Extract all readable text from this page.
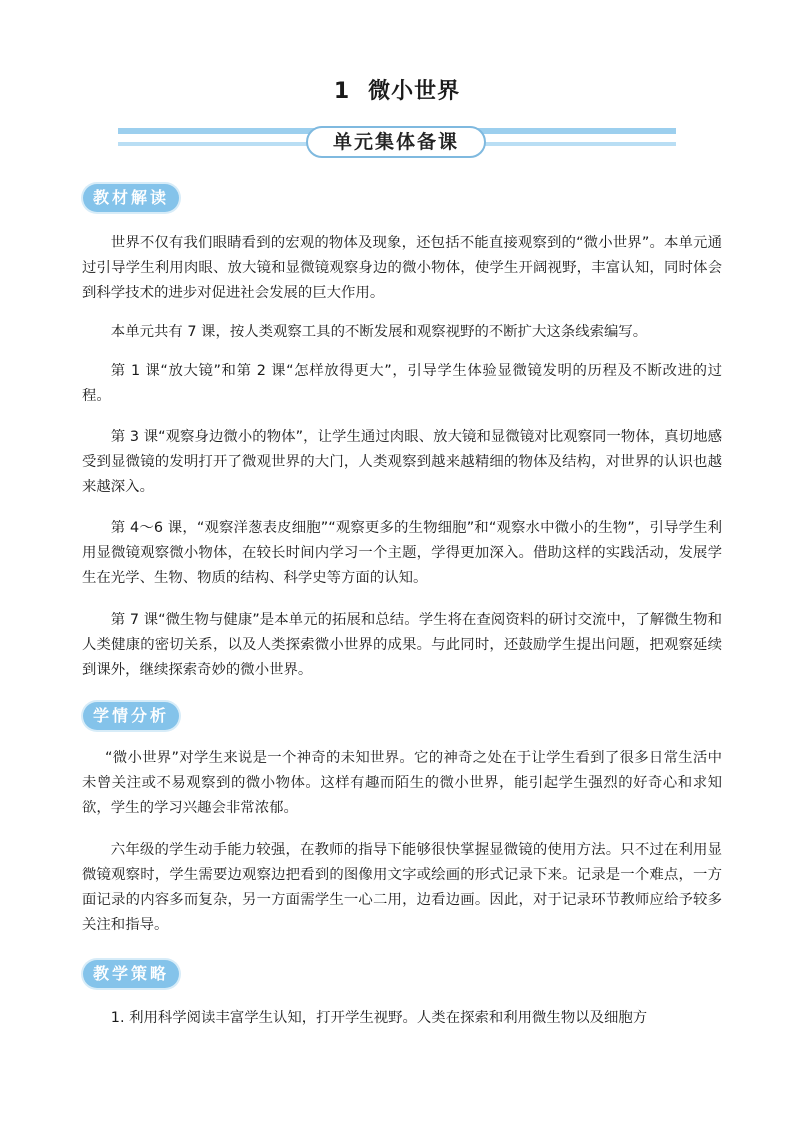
1 微小世界
单元集体备课
教材解读
世界不仅有我们眼睛看到的宏观的物体及现象，还包括不能直接观察到的“微小世界”。本单元通过引导学生利用肉眼、放大镜和显微镜观察身边的微小物体，使学生开阔视野，丰富认知，同时体会到科学技术的进步对促进社会发展的巨大作用。
本单元共有 7 课，按人类观察工具的不断发展和观察视野的不断扩大这条线索编写。
第 1 课“放大镜”和第 2 课“怎样放得更大”，引导学生体验显微镜发明的历程及不断改进的过程。
第 3 课“观察身边微小的物体”，让学生通过肉眼、放大镜和显微镜对比观察同一物体，真切地感受到显微镜的发明打开了微观世界的大门，人类观察到越来越精细的物体及结构，对世界的认识也越来越深入。
第 4～6 课，“观察洋葱表皮细胞”“观察更多的生物细胞”和“观察水中微小的生物”，引导学生利用显微镜观察微小物体，在较长时间内学习一个主题，学得更加深入。借助这样的实践活动，发展学生在光学、生物、物质的结构、科学史等方面的认知。
第 7 课“微生物与健康”是本单元的拓展和总结。学生将在查阅资料的研讨交流中，了解微生物和人类健康的密切关系，以及人类探索微小世界的成果。与此同时，还鼓励学生提出问题，把观察延续到课外，继续探索奇妙的微小世界。
学情分析
“微小世界”对学生来说是一个神奇的未知世界。它的神奇之处在于让学生看到了很多日常生活中未曾关注或不易观察到的微小物体。这样有趣而陌生的微小世界，能引起学生强烈的好奇心和求知欲，学生的学习兴趣会非常浓郁。
六年级的学生动手能力较强，在教师的指导下能够很快掌握显微镜的使用方法。只不过在利用显微镜观察时，学生需要边观察边把看到的图像用文字或绘画的形式记录下来。记录是一个难点，一方面记录的内容多而复杂，另一方面需学生一心二用，边看边画。因此，对于记录环节教师应给予较多关注和指导。
教学策略
1. 利用科学阅读丰富学生认知，打开学生视野。人类在探索和利用微生物以及细胞方
